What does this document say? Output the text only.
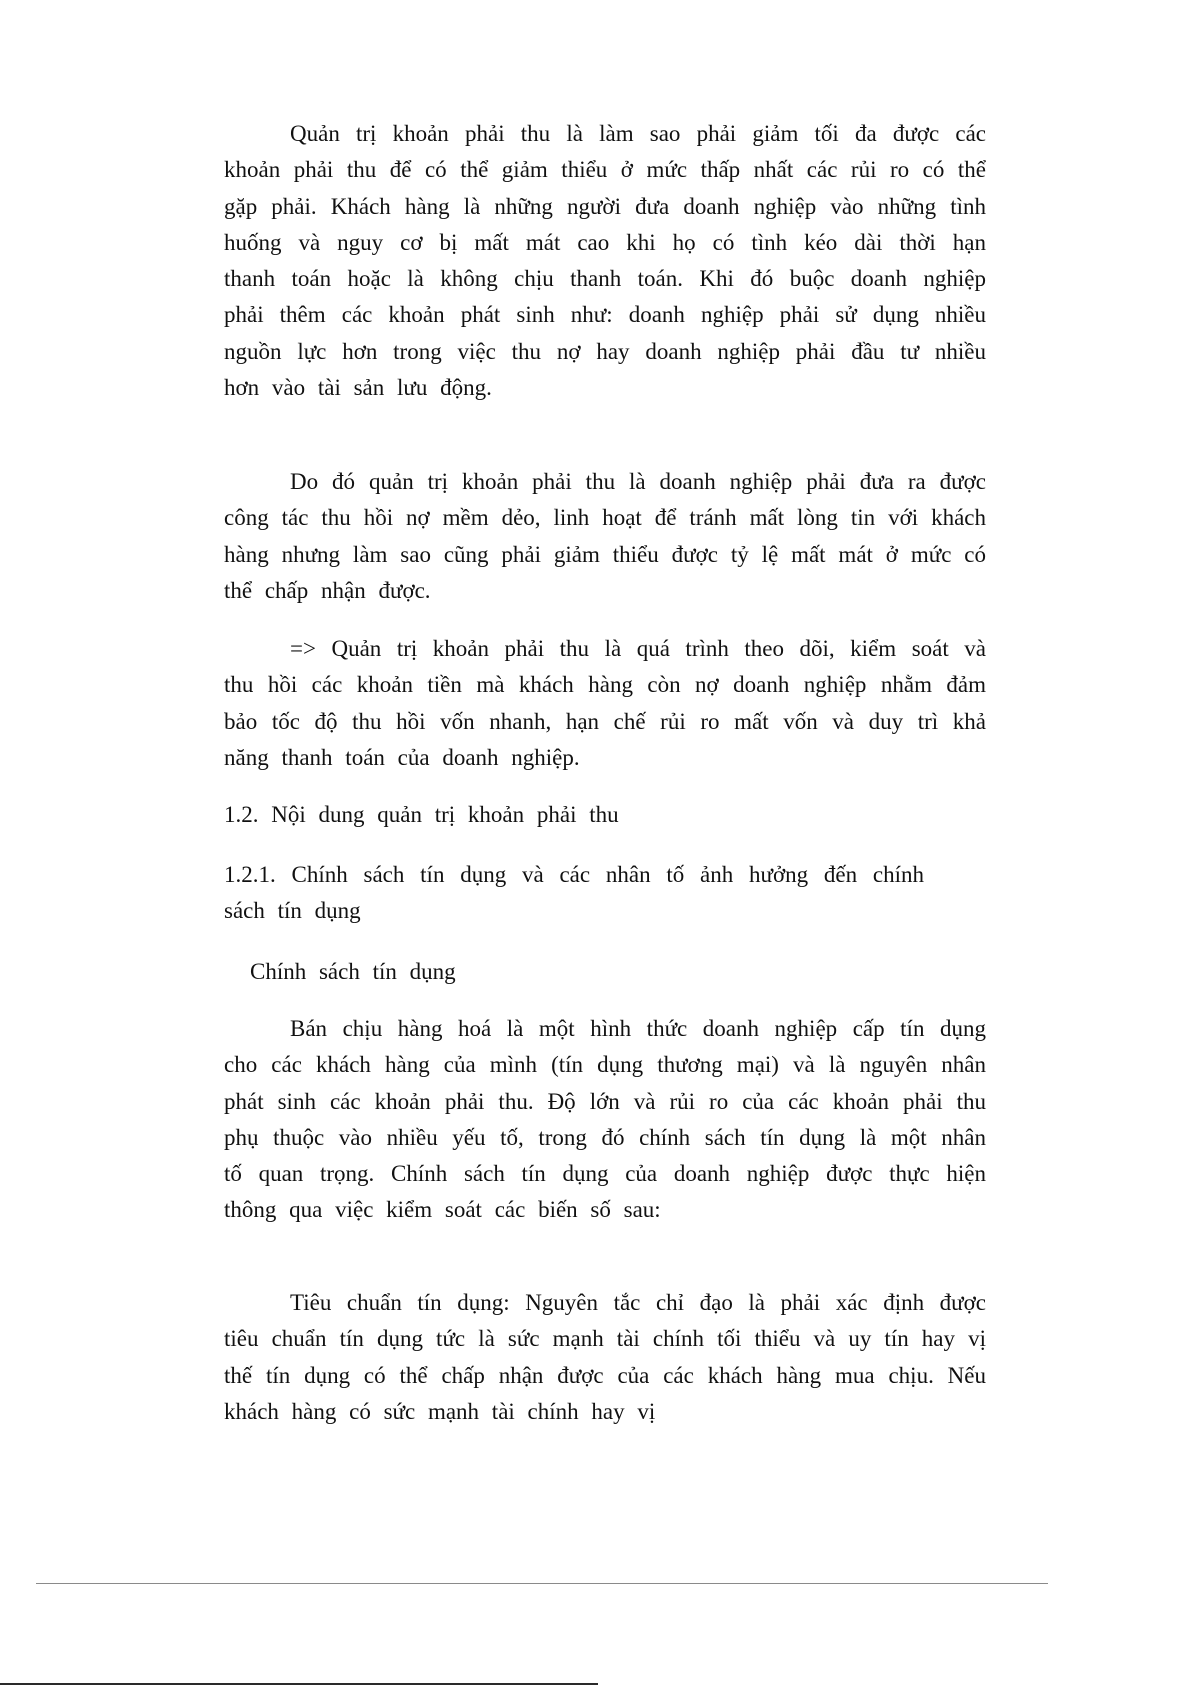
Quản trị khoản phải thu là làm sao phải giảm tối đa được các khoản phải thu để có thể giảm thiểu ở mức thấp nhất các rủi ro có thể gặp phải. Khách hàng là những người đưa doanh nghiệp vào những tình huống và nguy cơ bị mất mát cao khi họ có tình kéo dài thời hạn thanh toán hoặc là không chịu thanh toán. Khi đó buộc doanh nghiệp phải thêm các khoản phát sinh như: doanh nghiệp phải sử dụng nhiều nguồn lực hơn trong việc thu nợ hay doanh nghiệp phải đầu tư nhiều hơn vào tài sản lưu động.

Do đó quản trị khoản phải thu là doanh nghiệp phải đưa ra được công tác thu hồi nợ mềm dẻo, linh hoạt để tránh mất lòng tin với khách hàng nhưng làm sao cũng phải giảm thiểu được tỷ lệ mất mát ở mức có thể chấp nhận được.

=> Quản trị khoản phải thu là quá trình theo dõi, kiểm soát và thu hồi các khoản tiền mà khách hàng còn nợ doanh nghiệp nhằm đảm bảo tốc độ thu hồi vốn nhanh, hạn chế rủi ro mất vốn và duy trì khả năng thanh toán của doanh nghiệp.

1.2. Nội dung quản trị khoản phải thu

1.2.1. Chính sách tín dụng và các nhân tố ảnh hưởng đến chính sách tín dụng

Chính sách tín dụng

Bán chịu hàng hoá là một hình thức doanh nghiệp cấp tín dụng cho các khách hàng của mình (tín dụng thương mại) và là nguyên nhân phát sinh các khoản phải thu. Độ lớn và rủi ro của các khoản phải thu phụ thuộc vào nhiều yếu tố, trong đó chính sách tín dụng là một nhân tố quan trọng. Chính sách tín dụng của doanh nghiệp được thực hiện thông qua việc kiểm soát các biến số sau:

Tiêu chuẩn tín dụng: Nguyên tắc chỉ đạo là phải xác định được tiêu chuẩn tín dụng tức là sức mạnh tài chính tối thiểu và uy tín hay vị thế tín dụng có thể chấp nhận được của các khách hàng mua chịu. Nếu khách hàng có sức mạnh tài chính hay vị
